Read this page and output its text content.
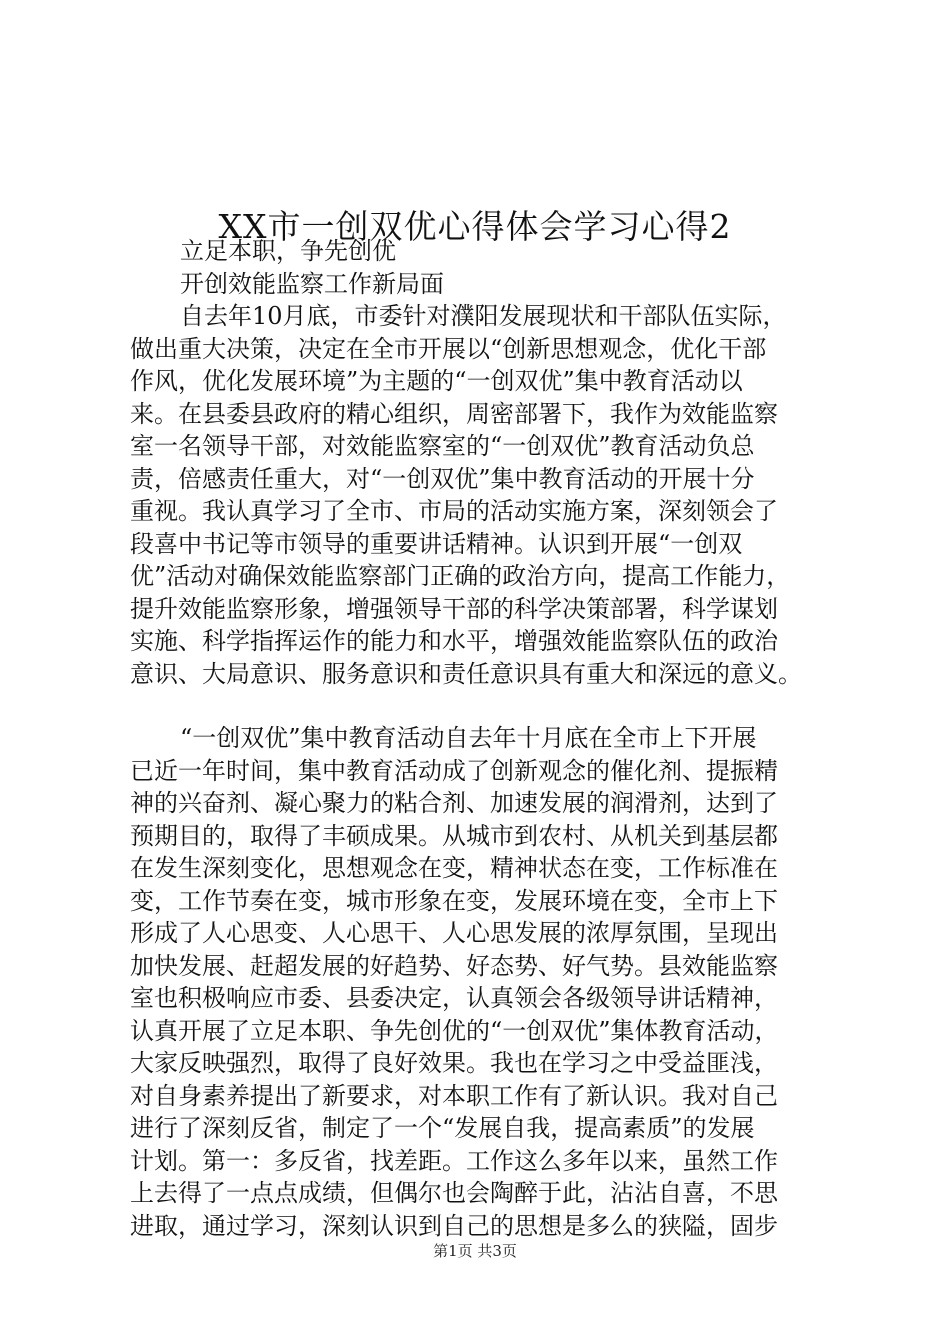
XX市一创双优心得体会学习心得2
立足本职，争先创优
开创效能监察工作新局面
自去年10月底，市委针对濮阳发展现状和干部队伍实际，
做出重大决策，决定在全市开展以“创新思想观念，优化干部
作风，优化发展环境”为主题的“一创双优”集中教育活动以
来。在县委县政府的精心组织，周密部署下，我作为效能监察
室一名领导干部，对效能监察室的“一创双优”教育活动负总
责，倍感责任重大，对“一创双优”集中教育活动的开展十分
重视。我认真学习了全市、市局的活动实施方案，深刻领会了
段喜中书记等市领导的重要讲话精神。认识到开展“一创双
优”活动对确保效能监察部门正确的政治方向，提高工作能力，
提升效能监察形象，增强领导干部的科学决策部署，科学谋划
实施、科学指挥运作的能力和水平，增强效能监察队伍的政治
意识、大局意识、服务意识和责任意识具有重大和深远的意义。
“一创双优”集中教育活动自去年十月底在全市上下开展
已近一年时间，集中教育活动成了创新观念的催化剂、提振精
神的兴奋剂、凝心聚力的粘合剂、加速发展的润滑剂，达到了
预期目的，取得了丰硕成果。从城市到农村、从机关到基层都
在发生深刻变化，思想观念在变，精神状态在变，工作标准在
变，工作节奏在变，城市形象在变，发展环境在变，全市上下
形成了人心思变、人心思干、人心思发展的浓厚氛围，呈现出
加快发展、赶超发展的好趋势、好态势、好气势。县效能监察
室也积极响应市委、县委决定，认真领会各级领导讲话精神，
认真开展了立足本职、争先创优的“一创双优”集体教育活动，
大家反映强烈，取得了良好效果。我也在学习之中受益匪浅，
对自身素养提出了新要求，对本职工作有了新认识。我对自己
进行了深刻反省，制定了一个“发展自我，提高素质”的发展
计划。第一：多反省，找差距。工作这么多年以来，虽然工作
上去得了一点点成绩，但偶尔也会陶醉于此，沾沾自喜，不思
进取，通过学习，深刻认识到自己的思想是多么的狭隘，固步
第1页 共3页
